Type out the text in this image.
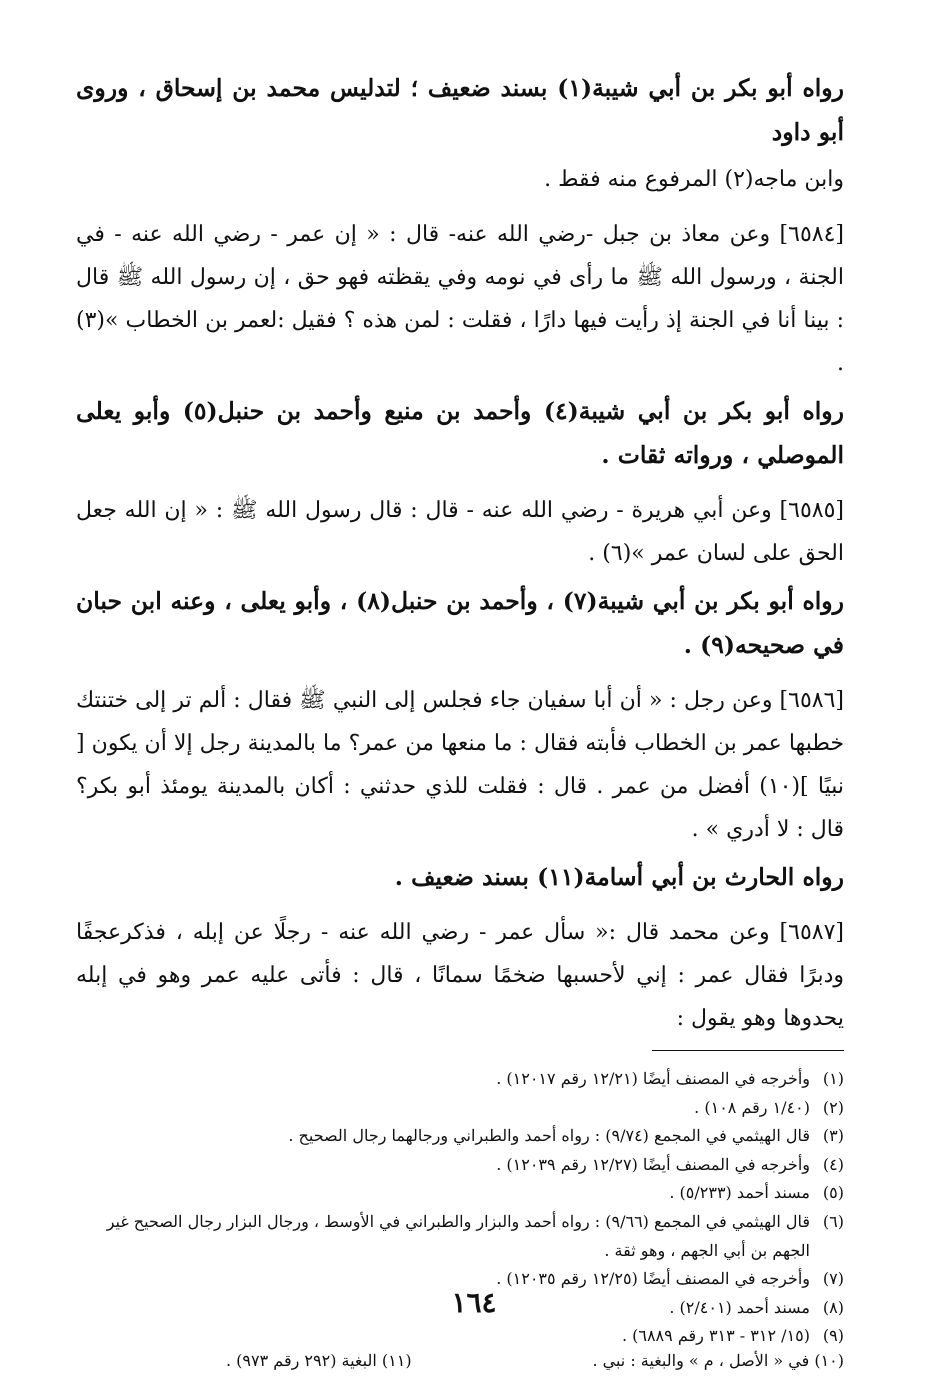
رواه أبو بكر بن أبي شيبة(١) بسند ضعيف ؛ لتدليس محمد بن إسحاق ، وروى أبو داود

وابن ماجه(٢) المرفوع منه فقط .

[٦٥٨٤] وعن معاذ بن جبل -رضي الله عنه- قال : « إن عمر - رضي الله عنه - في الجنة ، ورسول الله ﷺ ما رأى في نومه وفي يقظته فهو حق ، إن رسول الله ﷺ قال : بينا أنا في الجنة إذ رأيت فيها دارًا ، فقلت : لمن هذه ؟ فقيل :لعمر بن الخطاب »(٣) .

رواه أبو بكر بن أبي شيبة(٤) وأحمد بن منيع وأحمد بن حنبل(٥) وأبو يعلى الموصلي ، ورواته ثقات .

[٦٥٨٥] وعن أبي هريرة - رضي الله عنه - قال : قال رسول الله ﷺ : « إن الله جعل الحق على لسان عمر »(٦) .

رواه أبو بكر بن أبي شيبة(٧) ، وأحمد بن حنبل(٨) ، وأبو يعلى ، وعنه ابن حبان في صحيحه(٩) .

[٦٥٨٦] وعن رجل : « أن أبا سفيان جاء فجلس إلى النبي ﷺ فقال : ألم تر إلى ختنتك خطبها عمر بن الخطاب فأبته فقال : ما منعها من عمر؟ ما بالمدينة رجل إلا أن يكون [ نبيًا ](١٠) أفضل من عمر . قال : فقلت للذي حدثني : أكان بالمدينة يومئذ أبو بكر؟ قال : لا أدري » .

رواه الحارث بن أبي أسامة(١١) بسند ضعيف .

[٦٥٨٧] وعن محمد قال :« سأل عمر - رضي الله عنه - رجلًا عن إبله ، فذكرعجفًا ودبرًا فقال عمر : إني لأحسبها ضخمًا سمانًا ، قال : فأتى عليه عمر وهو في إبله يحدوها وهو يقول :

(١)
وأخرجه في المصنف أيضًا (١٢/٢١ رقم ١٢٠١٧) .
(٢)
(١/٤٠ رقم ١٠٨) .
(٣)
قال الهيثمي في المجمع (٩/٧٤) : رواه أحمد والطبراني ورجالهما رجال الصحيح .
(٤)
وأخرجه في المصنف أيضًا (١٢/٢٧ رقم ١٢٠٣٩) .
(٥)
مسند أحمد (٥/٢٣٣) .
(٦)
قال الهيثمي في المجمع (٩/٦٦) : رواه أحمد والبزار والطبراني في الأوسط ، ورجال البزار رجال الصحيح غير الجهم بن أبي الجهم ، وهو ثقة .
(٧)
وأخرجه في المصنف أيضًا (١٢/٢٥ رقم ١٢٠٣٥) .
(٨)
مسند أحمد (٢/٤٠١) .
(٩)
(١٥/ ٣١٢ - ٣١٣ رقم ٦٨٨٩) .
(١٠) في « الأصل ، م » والبغية : نبي .
(١١) البغية (٢٩٢ رقم ٩٧٣) .
١٦٤
